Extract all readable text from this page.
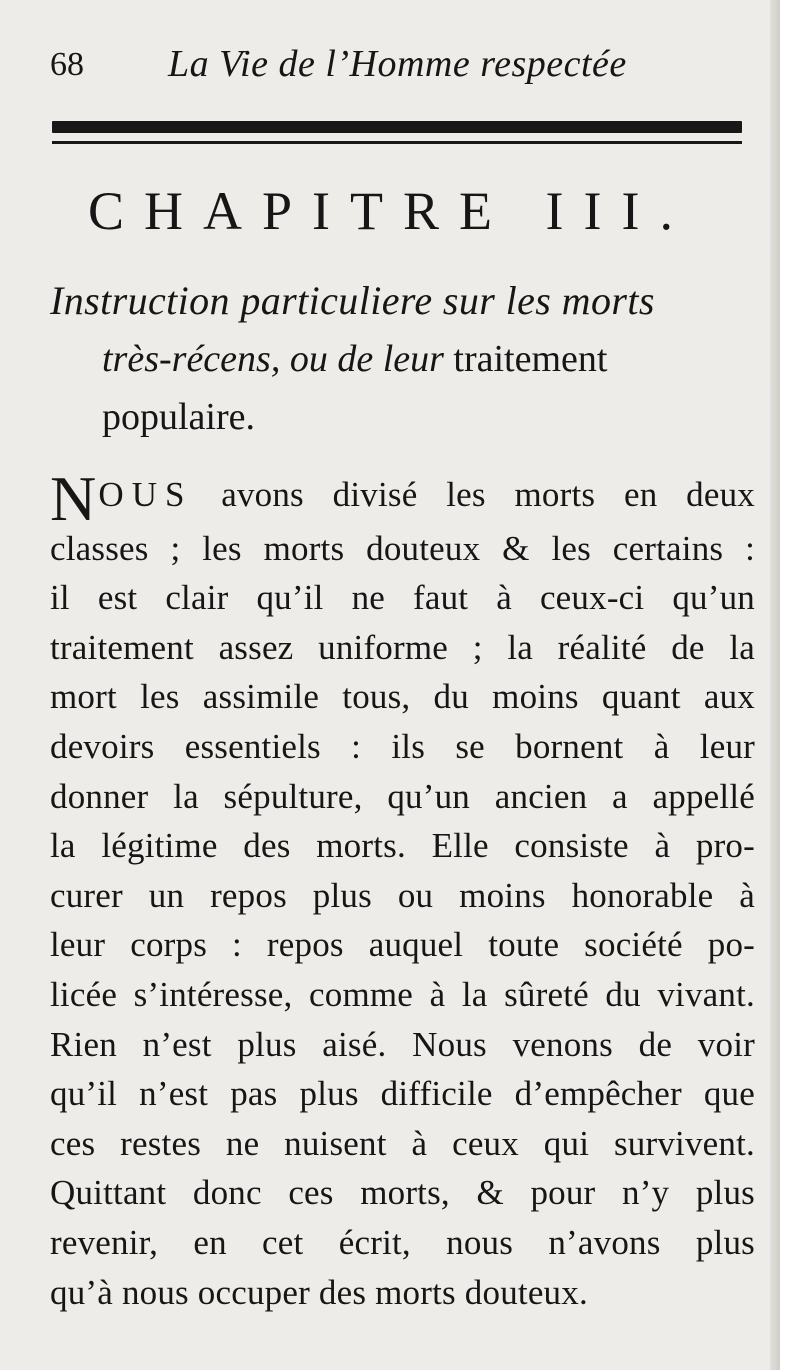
68 La Vie de l’Homme respectée
CHAPITRE III.
Instruction particuliere sur les morts
très-récens, ou de leur traitement
populaire.
NOUS avons divisé les morts en deux
classes ; les morts douteux & les certains :
il est clair qu’il ne faut à ceux-ci qu’un
traitement assez uniforme ; la réalité de la
mort les assimile tous, du moins quant aux
devoirs essentiels : ils se bornent à leur
donner la sépulture, qu’un ancien a appellé
la légitime des morts. Elle consiste à pro-
curer un repos plus ou moins honorable à
leur corps : repos auquel toute société po-
licée s’intéresse, comme à la sûreté du vivant.
Rien n’est plus aisé. Nous venons de voir
qu’il n’est pas plus difficile d’empêcher que
ces restes ne nuisent à ceux qui survivent.
Quittant donc ces morts, & pour n’y plus
revenir, en cet écrit, nous n’avons plus
qu’à nous occuper des morts douteux.
